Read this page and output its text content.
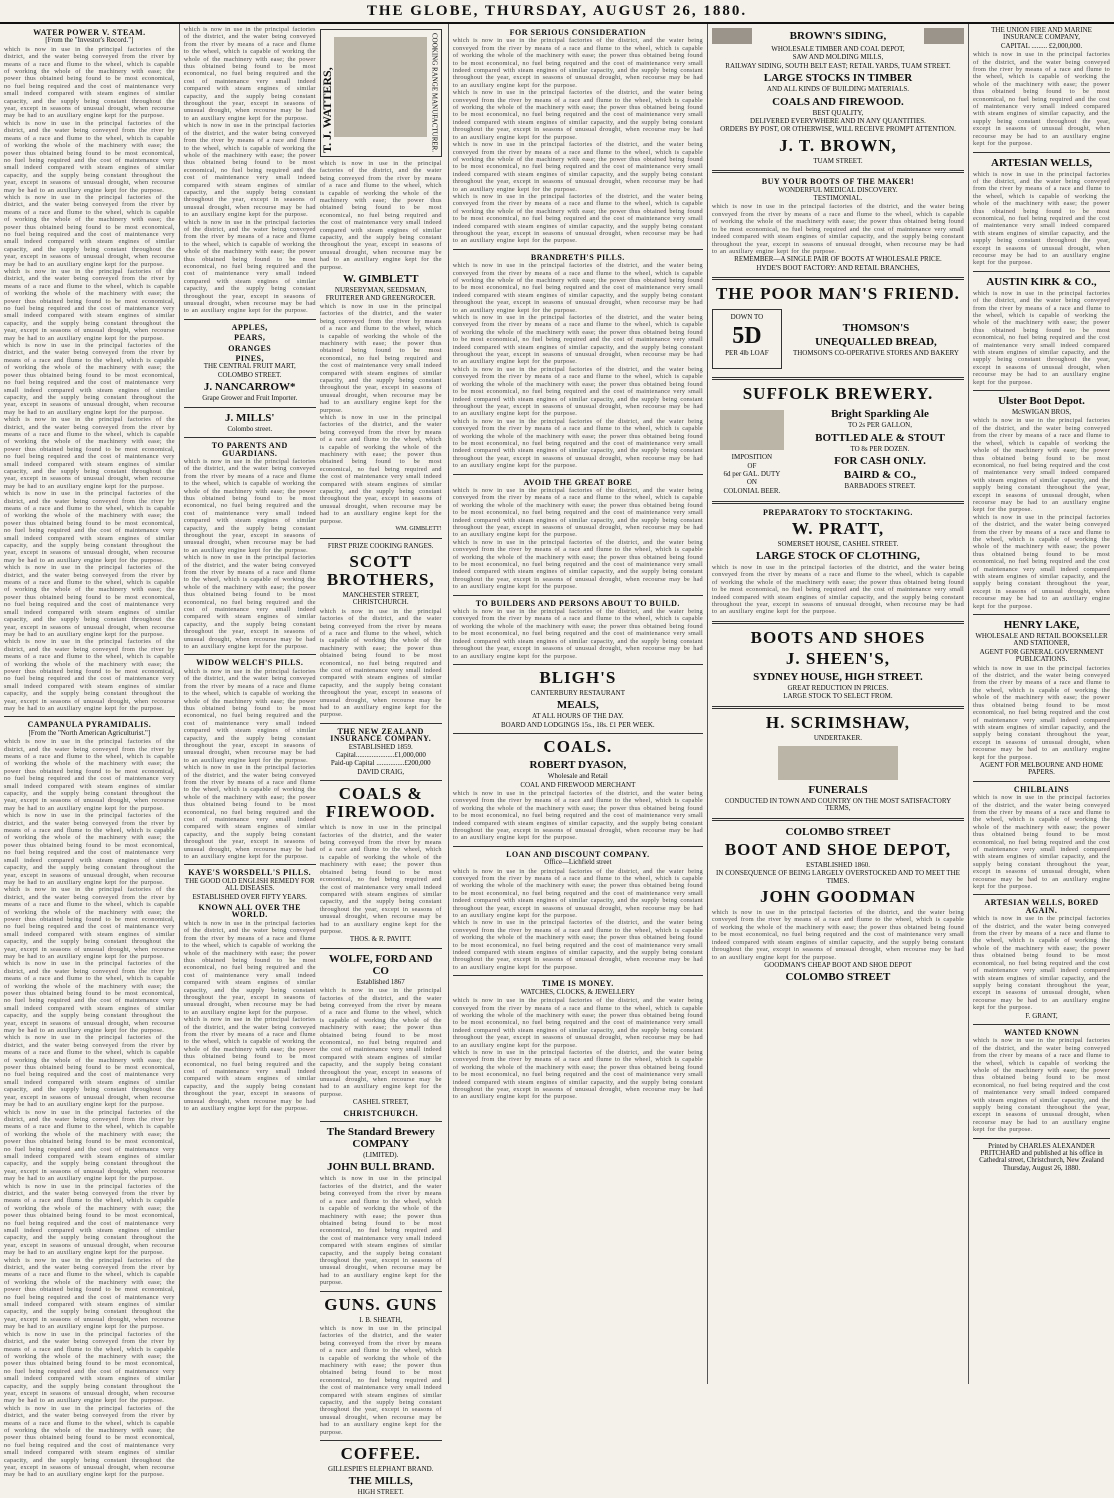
THE GLOBE, THURSDAY, AUGUST 26, 1880.
WATER POWER V. STEAM.
[From the "Investor's Record."]
which is now in use in the principal factories of the district, and the water being conveyed from the river by means of a race and flume to the wheel, which is capable of working the whole of the machinery with ease; the power thus obtained being found to be most economical, no fuel being required and the cost of maintenance very small indeed compared with steam engines of similar capacity, and the supply being constant throughout the year, except in seasons of unusual drought, when recourse may be had to an auxiliary engine kept for the purpose.
which is now in use in the principal factories of the district, and the water being conveyed from the river by means of a race and flume to the wheel, which is capable of working the whole of the machinery with ease; the power thus obtained being found to be most economical, no fuel being required and the cost of maintenance very small indeed compared with steam engines of similar capacity, and the supply being constant throughout the year, except in seasons of unusual drought, when recourse may be had to an auxiliary engine kept for the purpose.
which is now in use in the principal factories of the district, and the water being conveyed from the river by means of a race and flume to the wheel, which is capable of working the whole of the machinery with ease; the power thus obtained being found to be most economical, no fuel being required and the cost of maintenance very small indeed compared with steam engines of similar capacity, and the supply being constant throughout the year, except in seasons of unusual drought, when recourse may be had to an auxiliary engine kept for the purpose.
which is now in use in the principal factories of the district, and the water being conveyed from the river by means of a race and flume to the wheel, which is capable of working the whole of the machinery with ease; the power thus obtained being found to be most economical, no fuel being required and the cost of maintenance very small indeed compared with steam engines of similar capacity, and the supply being constant throughout the year, except in seasons of unusual drought, when recourse may be had to an auxiliary engine kept for the purpose.
which is now in use in the principal factories of the district, and the water being conveyed from the river by means of a race and flume to the wheel, which is capable of working the whole of the machinery with ease; the power thus obtained being found to be most economical, no fuel being required and the cost of maintenance very small indeed compared with steam engines of similar capacity, and the supply being constant throughout the year, except in seasons of unusual drought, when recourse may be had to an auxiliary engine kept for the purpose.
which is now in use in the principal factories of the district, and the water being conveyed from the river by means of a race and flume to the wheel, which is capable of working the whole of the machinery with ease; the power thus obtained being found to be most economical, no fuel being required and the cost of maintenance very small indeed compared with steam engines of similar capacity, and the supply being constant throughout the year, except in seasons of unusual drought, when recourse may be had to an auxiliary engine kept for the purpose.
which is now in use in the principal factories of the district, and the water being conveyed from the river by means of a race and flume to the wheel, which is capable of working the whole of the machinery with ease; the power thus obtained being found to be most economical, no fuel being required and the cost of maintenance very small indeed compared with steam engines of similar capacity, and the supply being constant throughout the year, except in seasons of unusual drought, when recourse may be had to an auxiliary engine kept for the purpose.
which is now in use in the principal factories of the district, and the water being conveyed from the river by means of a race and flume to the wheel, which is capable of working the whole of the machinery with ease; the power thus obtained being found to be most economical, no fuel being required and the cost of maintenance very small indeed compared with steam engines of similar capacity, and the supply being constant throughout the year, except in seasons of unusual drought, when recourse may be had to an auxiliary engine kept for the purpose.
which is now in use in the principal factories of the district, and the water being conveyed from the river by means of a race and flume to the wheel, which is capable of working the whole of the machinery with ease; the power thus obtained being found to be most economical, no fuel being required and the cost of maintenance very small indeed compared with steam engines of similar capacity, and the supply being constant throughout the year, except in seasons of unusual drought, when recourse may be had to an auxiliary engine kept for the purpose.
CAMPANULA PYRAMIDALIS.
[From the "North American Agriculturist."]
which is now in use in the principal factories of the district, and the water being conveyed from the river by means of a race and flume to the wheel, which is capable of working the whole of the machinery with ease; the power thus obtained being found to be most economical, no fuel being required and the cost of maintenance very small indeed compared with steam engines of similar capacity, and the supply being constant throughout the year, except in seasons of unusual drought, when recourse may be had to an auxiliary engine kept for the purpose.
which is now in use in the principal factories of the district, and the water being conveyed from the river by means of a race and flume to the wheel, which is capable of working the whole of the machinery with ease; the power thus obtained being found to be most economical, no fuel being required and the cost of maintenance very small indeed compared with steam engines of similar capacity, and the supply being constant throughout the year, except in seasons of unusual drought, when recourse may be had to an auxiliary engine kept for the purpose.
which is now in use in the principal factories of the district, and the water being conveyed from the river by means of a race and flume to the wheel, which is capable of working the whole of the machinery with ease; the power thus obtained being found to be most economical, no fuel being required and the cost of maintenance very small indeed compared with steam engines of similar capacity, and the supply being constant throughout the year, except in seasons of unusual drought, when recourse may be had to an auxiliary engine kept for the purpose.
which is now in use in the principal factories of the district, and the water being conveyed from the river by means of a race and flume to the wheel, which is capable of working the whole of the machinery with ease; the power thus obtained being found to be most economical, no fuel being required and the cost of maintenance very small indeed compared with steam engines of similar capacity, and the supply being constant throughout the year, except in seasons of unusual drought, when recourse may be had to an auxiliary engine kept for the purpose.
which is now in use in the principal factories of the district, and the water being conveyed from the river by means of a race and flume to the wheel, which is capable of working the whole of the machinery with ease; the power thus obtained being found to be most economical, no fuel being required and the cost of maintenance very small indeed compared with steam engines of similar capacity, and the supply being constant throughout the year, except in seasons of unusual drought, when recourse may be had to an auxiliary engine kept for the purpose.
which is now in use in the principal factories of the district, and the water being conveyed from the river by means of a race and flume to the wheel, which is capable of working the whole of the machinery with ease; the power thus obtained being found to be most economical, no fuel being required and the cost of maintenance very small indeed compared with steam engines of similar capacity, and the supply being constant throughout the year, except in seasons of unusual drought, when recourse may be had to an auxiliary engine kept for the purpose.
which is now in use in the principal factories of the district, and the water being conveyed from the river by means of a race and flume to the wheel, which is capable of working the whole of the machinery with ease; the power thus obtained being found to be most economical, no fuel being required and the cost of maintenance very small indeed compared with steam engines of similar capacity, and the supply being constant throughout the year, except in seasons of unusual drought, when recourse may be had to an auxiliary engine kept for the purpose.
which is now in use in the principal factories of the district, and the water being conveyed from the river by means of a race and flume to the wheel, which is capable of working the whole of the machinery with ease; the power thus obtained being found to be most economical, no fuel being required and the cost of maintenance very small indeed compared with steam engines of similar capacity, and the supply being constant throughout the year, except in seasons of unusual drought, when recourse may be had to an auxiliary engine kept for the purpose.
which is now in use in the principal factories of the district, and the water being conveyed from the river by means of a race and flume to the wheel, which is capable of working the whole of the machinery with ease; the power thus obtained being found to be most economical, no fuel being required and the cost of maintenance very small indeed compared with steam engines of similar capacity, and the supply being constant throughout the year, except in seasons of unusual drought, when recourse may be had to an auxiliary engine kept for the purpose.
which is now in use in the principal factories of the district, and the water being conveyed from the river by means of a race and flume to the wheel, which is capable of working the whole of the machinery with ease; the power thus obtained being found to be most economical, no fuel being required and the cost of maintenance very small indeed compared with steam engines of similar capacity, and the supply being constant throughout the year, except in seasons of unusual drought, when recourse may be had to an auxiliary engine kept for the purpose.
which is now in use in the principal factories of the district, and the water being conveyed from the river by means of a race and flume to the wheel, which is capable of working the whole of the machinery with ease; the power thus obtained being found to be most economical, no fuel being required and the cost of maintenance very small indeed compared with steam engines of similar capacity, and the supply being constant throughout the year, except in seasons of unusual drought, when recourse may be had to an auxiliary engine kept for the purpose.
which is now in use in the principal factories of the district, and the water being conveyed from the river by means of a race and flume to the wheel, which is capable of working the whole of the machinery with ease; the power thus obtained being found to be most economical, no fuel being required and the cost of maintenance very small indeed compared with steam engines of similar capacity, and the supply being constant throughout the year, except in seasons of unusual drought, when recourse may be had to an auxiliary engine kept for the purpose.
which is now in use in the principal factories of the district, and the water being conveyed from the river by means of a race and flume to the wheel, which is capable of working the whole of the machinery with ease; the power thus obtained being found to be most economical, no fuel being required and the cost of maintenance very small indeed compared with steam engines of similar capacity, and the supply being constant throughout the year, except in seasons of unusual drought, when recourse may be had to an auxiliary engine kept for the purpose.
APPLES,
PEARS,
ORANGES
PINES,
THE CENTRAL FRUIT MART,
COLOMBO STREET.
J. NANCARROW*
Grape Grower and Fruit Importer.
J. MILLS'
Colombo street.
TO PARENTS AND GUARDIANS.
which is now in use in the principal factories of the district, and the water being conveyed from the river by means of a race and flume to the wheel, which is capable of working the whole of the machinery with ease; the power thus obtained being found to be most economical, no fuel being required and the cost of maintenance very small indeed compared with steam engines of similar capacity, and the supply being constant throughout the year, except in seasons of unusual drought, when recourse may be had to an auxiliary engine kept for the purpose.
which is now in use in the principal factories of the district, and the water being conveyed from the river by means of a race and flume to the wheel, which is capable of working the whole of the machinery with ease; the power thus obtained being found to be most economical, no fuel being required and the cost of maintenance very small indeed compared with steam engines of similar capacity, and the supply being constant throughout the year, except in seasons of unusual drought, when recourse may be had to an auxiliary engine kept for the purpose.
WIDOW WELCH'S PILLS.
which is now in use in the principal factories of the district, and the water being conveyed from the river by means of a race and flume to the wheel, which is capable of working the whole of the machinery with ease; the power thus obtained being found to be most economical, no fuel being required and the cost of maintenance very small indeed compared with steam engines of similar capacity, and the supply being constant throughout the year, except in seasons of unusual drought, when recourse may be had to an auxiliary engine kept for the purpose.
which is now in use in the principal factories of the district, and the water being conveyed from the river by means of a race and flume to the wheel, which is capable of working the whole of the machinery with ease; the power thus obtained being found to be most economical, no fuel being required and the cost of maintenance very small indeed compared with steam engines of similar capacity, and the supply being constant throughout the year, except in seasons of unusual drought, when recourse may be had to an auxiliary engine kept for the purpose.
KAYE'S WORSDELL'S PILLS.
THE GOOD OLD ENGLISH REMEDY FOR ALL DISEASES.
ESTABLISHED OVER FIFTY YEARS.
KNOWN ALL OVER THE WORLD.
which is now in use in the principal factories of the district, and the water being conveyed from the river by means of a race and flume to the wheel, which is capable of working the whole of the machinery with ease; the power thus obtained being found to be most economical, no fuel being required and the cost of maintenance very small indeed compared with steam engines of similar capacity, and the supply being constant throughout the year, except in seasons of unusual drought, when recourse may be had to an auxiliary engine kept for the purpose.
which is now in use in the principal factories of the district, and the water being conveyed from the river by means of a race and flume to the wheel, which is capable of working the whole of the machinery with ease; the power thus obtained being found to be most economical, no fuel being required and the cost of maintenance very small indeed compared with steam engines of similar capacity, and the supply being constant throughout the year, except in seasons of unusual drought, when recourse may be had to an auxiliary engine kept for the purpose.
T. J. WATTERS,	COOKING RANGE MANUFACTURER.
which is now in use in the principal factories of the district, and the water being conveyed from the river by means of a race and flume to the wheel, which is capable of working the whole of the machinery with ease; the power thus obtained being found to be most economical, no fuel being required and the cost of maintenance very small indeed compared with steam engines of similar capacity, and the supply being constant throughout the year, except in seasons of unusual drought, when recourse may be had to an auxiliary engine kept for the purpose.
W. GIMBLETT
NURSERYMAN, SEEDSMAN, FRUITERER AND GREENGROCER.
which is now in use in the principal factories of the district, and the water being conveyed from the river by means of a race and flume to the wheel, which is capable of working the whole of the machinery with ease; the power thus obtained being found to be most economical, no fuel being required and the cost of maintenance very small indeed compared with steam engines of similar capacity, and the supply being constant throughout the year, except in seasons of unusual drought, when recourse may be had to an auxiliary engine kept for the purpose.
which is now in use in the principal factories of the district, and the water being conveyed from the river by means of a race and flume to the wheel, which is capable of working the whole of the machinery with ease; the power thus obtained being found to be most economical, no fuel being required and the cost of maintenance very small indeed compared with steam engines of similar capacity, and the supply being constant throughout the year, except in seasons of unusual drought, when recourse may be had to an auxiliary engine kept for the purpose.
WM. GIMBLETT!
FIRST PRIZE COOKING RANGES.
SCOTT BROTHERS,
MANCHESTER STREET, CHRISTCHURCH.
which is now in use in the principal factories of the district, and the water being conveyed from the river by means of a race and flume to the wheel, which is capable of working the whole of the machinery with ease; the power thus obtained being found to be most economical, no fuel being required and the cost of maintenance very small indeed compared with steam engines of similar capacity, and the supply being constant throughout the year, except in seasons of unusual drought, when recourse may be had to an auxiliary engine kept for the purpose.
THE NEW ZEALAND INSURANCE COMPANY.
ESTABLISHED 1859.
Capital......................£1,000,000
Paid-up Capital ................£200,000
DAVID CRAIG,
COALS & FIREWOOD.
which is now in use in the principal factories of the district, and the water being conveyed from the river by means of a race and flume to the wheel, which is capable of working the whole of the machinery with ease; the power thus obtained being found to be most economical, no fuel being required and the cost of maintenance very small indeed compared with steam engines of similar capacity, and the supply being constant throughout the year, except in seasons of unusual drought, when recourse may be had to an auxiliary engine kept for the purpose.
THOS. & R. PAVITT.
WOLFE, FORD AND CO
Established 1867
which is now in use in the principal factories of the district, and the water being conveyed from the river by means of a race and flume to the wheel, which is capable of working the whole of the machinery with ease; the power thus obtained being found to be most economical, no fuel being required and the cost of maintenance very small indeed compared with steam engines of similar capacity, and the supply being constant throughout the year, except in seasons of unusual drought, when recourse may be had to an auxiliary engine kept for the purpose.
CASHEL STREET,
CHRISTCHURCH.
The Standard Brewery COMPANY
(LIMITED).
JOHN BULL BRAND.
which is now in use in the principal factories of the district, and the water being conveyed from the river by means of a race and flume to the wheel, which is capable of working the whole of the machinery with ease; the power thus obtained being found to be most economical, no fuel being required and the cost of maintenance very small indeed compared with steam engines of similar capacity, and the supply being constant throughout the year, except in seasons of unusual drought, when recourse may be had to an auxiliary engine kept for the purpose.
GUNS. GUNS
I. B. SHEATH,
which is now in use in the principal factories of the district, and the water being conveyed from the river by means of a race and flume to the wheel, which is capable of working the whole of the machinery with ease; the power thus obtained being found to be most economical, no fuel being required and the cost of maintenance very small indeed compared with steam engines of similar capacity, and the supply being constant throughout the year, except in seasons of unusual drought, when recourse may be had to an auxiliary engine kept for the purpose.
COFFEE.
GILLESPIE'S ELEPHANT BRAND.
THE MILLS,
HIGH STREET.
FOR SERIOUS CONSIDERATION
which is now in use in the principal factories of the district, and the water being conveyed from the river by means of a race and flume to the wheel, which is capable of working the whole of the machinery with ease; the power thus obtained being found to be most economical, no fuel being required and the cost of maintenance very small indeed compared with steam engines of similar capacity, and the supply being constant throughout the year, except in seasons of unusual drought, when recourse may be had to an auxiliary engine kept for the purpose.
which is now in use in the principal factories of the district, and the water being conveyed from the river by means of a race and flume to the wheel, which is capable of working the whole of the machinery with ease; the power thus obtained being found to be most economical, no fuel being required and the cost of maintenance very small indeed compared with steam engines of similar capacity, and the supply being constant throughout the year, except in seasons of unusual drought, when recourse may be had to an auxiliary engine kept for the purpose.
which is now in use in the principal factories of the district, and the water being conveyed from the river by means of a race and flume to the wheel, which is capable of working the whole of the machinery with ease; the power thus obtained being found to be most economical, no fuel being required and the cost of maintenance very small indeed compared with steam engines of similar capacity, and the supply being constant throughout the year, except in seasons of unusual drought, when recourse may be had to an auxiliary engine kept for the purpose.
which is now in use in the principal factories of the district, and the water being conveyed from the river by means of a race and flume to the wheel, which is capable of working the whole of the machinery with ease; the power thus obtained being found to be most economical, no fuel being required and the cost of maintenance very small indeed compared with steam engines of similar capacity, and the supply being constant throughout the year, except in seasons of unusual drought, when recourse may be had to an auxiliary engine kept for the purpose.
BRANDRETH'S PILLS.
which is now in use in the principal factories of the district, and the water being conveyed from the river by means of a race and flume to the wheel, which is capable of working the whole of the machinery with ease; the power thus obtained being found to be most economical, no fuel being required and the cost of maintenance very small indeed compared with steam engines of similar capacity, and the supply being constant throughout the year, except in seasons of unusual drought, when recourse may be had to an auxiliary engine kept for the purpose.
which is now in use in the principal factories of the district, and the water being conveyed from the river by means of a race and flume to the wheel, which is capable of working the whole of the machinery with ease; the power thus obtained being found to be most economical, no fuel being required and the cost of maintenance very small indeed compared with steam engines of similar capacity, and the supply being constant throughout the year, except in seasons of unusual drought, when recourse may be had to an auxiliary engine kept for the purpose.
which is now in use in the principal factories of the district, and the water being conveyed from the river by means of a race and flume to the wheel, which is capable of working the whole of the machinery with ease; the power thus obtained being found to be most economical, no fuel being required and the cost of maintenance very small indeed compared with steam engines of similar capacity, and the supply being constant throughout the year, except in seasons of unusual drought, when recourse may be had to an auxiliary engine kept for the purpose.
which is now in use in the principal factories of the district, and the water being conveyed from the river by means of a race and flume to the wheel, which is capable of working the whole of the machinery with ease; the power thus obtained being found to be most economical, no fuel being required and the cost of maintenance very small indeed compared with steam engines of similar capacity, and the supply being constant throughout the year, except in seasons of unusual drought, when recourse may be had to an auxiliary engine kept for the purpose.
AVOID THE GREAT BORE
which is now in use in the principal factories of the district, and the water being conveyed from the river by means of a race and flume to the wheel, which is capable of working the whole of the machinery with ease; the power thus obtained being found to be most economical, no fuel being required and the cost of maintenance very small indeed compared with steam engines of similar capacity, and the supply being constant throughout the year, except in seasons of unusual drought, when recourse may be had to an auxiliary engine kept for the purpose.
which is now in use in the principal factories of the district, and the water being conveyed from the river by means of a race and flume to the wheel, which is capable of working the whole of the machinery with ease; the power thus obtained being found to be most economical, no fuel being required and the cost of maintenance very small indeed compared with steam engines of similar capacity, and the supply being constant throughout the year, except in seasons of unusual drought, when recourse may be had to an auxiliary engine kept for the purpose.
TO BUILDERS AND PERSONS ABOUT TO BUILD.
which is now in use in the principal factories of the district, and the water being conveyed from the river by means of a race and flume to the wheel, which is capable of working the whole of the machinery with ease; the power thus obtained being found to be most economical, no fuel being required and the cost of maintenance very small indeed compared with steam engines of similar capacity, and the supply being constant throughout the year, except in seasons of unusual drought, when recourse may be had to an auxiliary engine kept for the purpose.
BLIGH'S
CANTERBURY RESTAURANT
MEALS,
AT ALL HOURS OF THE DAY.
BOARD AND LODGINGS 15s., 18s. £1 PER WEEK.
COALS.
ROBERT DYASON,
Wholesale and Retail
COAL AND FIREWOOD MERCHANT
which is now in use in the principal factories of the district, and the water being conveyed from the river by means of a race and flume to the wheel, which is capable of working the whole of the machinery with ease; the power thus obtained being found to be most economical, no fuel being required and the cost of maintenance very small indeed compared with steam engines of similar capacity, and the supply being constant throughout the year, except in seasons of unusual drought, when recourse may be had to an auxiliary engine kept for the purpose.
LOAN AND DISCOUNT COMPANY.
Office—Lichfield street
which is now in use in the principal factories of the district, and the water being conveyed from the river by means of a race and flume to the wheel, which is capable of working the whole of the machinery with ease; the power thus obtained being found to be most economical, no fuel being required and the cost of maintenance very small indeed compared with steam engines of similar capacity, and the supply being constant throughout the year, except in seasons of unusual drought, when recourse may be had to an auxiliary engine kept for the purpose.
which is now in use in the principal factories of the district, and the water being conveyed from the river by means of a race and flume to the wheel, which is capable of working the whole of the machinery with ease; the power thus obtained being found to be most economical, no fuel being required and the cost of maintenance very small indeed compared with steam engines of similar capacity, and the supply being constant throughout the year, except in seasons of unusual drought, when recourse may be had to an auxiliary engine kept for the purpose.
TIME IS MONEY.
WATCHES, CLOCKS, & JEWELLERY
which is now in use in the principal factories of the district, and the water being conveyed from the river by means of a race and flume to the wheel, which is capable of working the whole of the machinery with ease; the power thus obtained being found to be most economical, no fuel being required and the cost of maintenance very small indeed compared with steam engines of similar capacity, and the supply being constant throughout the year, except in seasons of unusual drought, when recourse may be had to an auxiliary engine kept for the purpose.
which is now in use in the principal factories of the district, and the water being conveyed from the river by means of a race and flume to the wheel, which is capable of working the whole of the machinery with ease; the power thus obtained being found to be most economical, no fuel being required and the cost of maintenance very small indeed compared with steam engines of similar capacity, and the supply being constant throughout the year, except in seasons of unusual drought, when recourse may be had to an auxiliary engine kept for the purpose.
BROWN'S SIDING,
WHOLESALE TIMBER AND COAL DEPOT,
SAW AND MOLDING MILLS,
RAILWAY SIDING, SOUTH BELT EAST; RETAIL YARDS, TUAM STREET.
LARGE STOCKS IN TIMBER
AND ALL KINDS OF BUILDING MATERIALS.
COALS AND FIREWOOD.
BEST QUALITY,
DELIVERED EVERYWHERE AND IN ANY QUANTITIES.
ORDERS BY POST, OR OTHERWISE, WILL RECEIVE PROMPT ATTENTION.
J. T. BROWN,
TUAM STREET.
BUY YOUR BOOTS OF THE MAKER!
WONDERFUL MEDICAL DISCOVERY.
TESTIMONIAL.
which is now in use in the principal factories of the district, and the water being conveyed from the river by means of a race and flume to the wheel, which is capable of working the whole of the machinery with ease; the power thus obtained being found to be most economical, no fuel being required and the cost of maintenance very small indeed compared with steam engines of similar capacity, and the supply being constant throughout the year, except in seasons of unusual drought, when recourse may be had to an auxiliary engine kept for the purpose.
REMEMBER—A SINGLE PAIR OF BOOTS AT WHOLESALE PRICE.
HYDE'S BOOT FACTORY: AND RETAIL BRANCHES,
THE POOR MAN'S FRIEND.
DOWN TO
5D
PER 4lb LOAF
THOMSON'S
UNEQUALLED BREAD,
THOMSON'S CO-OPERATIVE STORES AND BAKERY
SUFFOLK BREWERY.
IMPOSITION
OF
6d per GAL. DUTY
ON
COLONIAL BEER.
Bright Sparkling Ale
TO 2s PER GALLON,
BOTTLED ALE & STOUT
TO 8s PER DOZEN.
FOR CASH ONLY.
BAIRD & CO.,
BARBADOES STREET.
PREPARATORY TO STOCKTAKING.
W. PRATT,
SOMERSET HOUSE, CASHEL STREET.
LARGE STOCK OF CLOTHING,
which is now in use in the principal factories of the district, and the water being conveyed from the river by means of a race and flume to the wheel, which is capable of working the whole of the machinery with ease; the power thus obtained being found to be most economical, no fuel being required and the cost of maintenance very small indeed compared with steam engines of similar capacity, and the supply being constant throughout the year, except in seasons of unusual drought, when recourse may be had to an auxiliary engine kept for the purpose.
BOOTS AND SHOES
J. SHEEN'S,
SYDNEY HOUSE, HIGH STREET.
GREAT REDUCTION IN PRICES.
LARGE STOCK TO SELECT FROM.
H. SCRIMSHAW,
UNDERTAKER.
FUNERALS
CONDUCTED IN TOWN AND COUNTRY ON THE MOST SATISFACTORY TERMS,
COLOMBO STREET
BOOT AND SHOE DEPOT,
ESTABLISHED 1860.
IN CONSEQUENCE OF BEING LARGELY OVERSTOCKED AND TO MEET THE TIMES.
JOHN GOODMAN
which is now in use in the principal factories of the district, and the water being conveyed from the river by means of a race and flume to the wheel, which is capable of working the whole of the machinery with ease; the power thus obtained being found to be most economical, no fuel being required and the cost of maintenance very small indeed compared with steam engines of similar capacity, and the supply being constant throughout the year, except in seasons of unusual drought, when recourse may be had to an auxiliary engine kept for the purpose.
GOODMAN'S CHEAP BOOT AND SHOE DEPOT
COLOMBO STREET
THE UNION FIRE AND MARINE INSURANCE COMPANY,
CAPITAL ......... £2,000,000.
which is now in use in the principal factories of the district, and the water being conveyed from the river by means of a race and flume to the wheel, which is capable of working the whole of the machinery with ease; the power thus obtained being found to be most economical, no fuel being required and the cost of maintenance very small indeed compared with steam engines of similar capacity, and the supply being constant throughout the year, except in seasons of unusual drought, when recourse may be had to an auxiliary engine kept for the purpose.
ARTESIAN WELLS,
which is now in use in the principal factories of the district, and the water being conveyed from the river by means of a race and flume to the wheel, which is capable of working the whole of the machinery with ease; the power thus obtained being found to be most economical, no fuel being required and the cost of maintenance very small indeed compared with steam engines of similar capacity, and the supply being constant throughout the year, except in seasons of unusual drought, when recourse may be had to an auxiliary engine kept for the purpose.
AUSTIN KIRK & CO.,
which is now in use in the principal factories of the district, and the water being conveyed from the river by means of a race and flume to the wheel, which is capable of working the whole of the machinery with ease; the power thus obtained being found to be most economical, no fuel being required and the cost of maintenance very small indeed compared with steam engines of similar capacity, and the supply being constant throughout the year, except in seasons of unusual drought, when recourse may be had to an auxiliary engine kept for the purpose.
Ulster Boot Depot.
McSWIGAN BROS,
which is now in use in the principal factories of the district, and the water being conveyed from the river by means of a race and flume to the wheel, which is capable of working the whole of the machinery with ease; the power thus obtained being found to be most economical, no fuel being required and the cost of maintenance very small indeed compared with steam engines of similar capacity, and the supply being constant throughout the year, except in seasons of unusual drought, when recourse may be had to an auxiliary engine kept for the purpose.
which is now in use in the principal factories of the district, and the water being conveyed from the river by means of a race and flume to the wheel, which is capable of working the whole of the machinery with ease; the power thus obtained being found to be most economical, no fuel being required and the cost of maintenance very small indeed compared with steam engines of similar capacity, and the supply being constant throughout the year, except in seasons of unusual drought, when recourse may be had to an auxiliary engine kept for the purpose.
HENRY LAKE,
WHOLESALE AND RETAIL BOOKSELLER AND STATIONER,
AGENT FOR GENERAL GOVERNMENT PUBLICATIONS.
which is now in use in the principal factories of the district, and the water being conveyed from the river by means of a race and flume to the wheel, which is capable of working the whole of the machinery with ease; the power thus obtained being found to be most economical, no fuel being required and the cost of maintenance very small indeed compared with steam engines of similar capacity, and the supply being constant throughout the year, except in seasons of unusual drought, when recourse may be had to an auxiliary engine kept for the purpose.
AGENT FOR MELBOURNE AND HOME PAPERS.
CHILBLAINS
which is now in use in the principal factories of the district, and the water being conveyed from the river by means of a race and flume to the wheel, which is capable of working the whole of the machinery with ease; the power thus obtained being found to be most economical, no fuel being required and the cost of maintenance very small indeed compared with steam engines of similar capacity, and the supply being constant throughout the year, except in seasons of unusual drought, when recourse may be had to an auxiliary engine kept for the purpose.
ARTESIAN WELLS, BORED AGAIN.
which is now in use in the principal factories of the district, and the water being conveyed from the river by means of a race and flume to the wheel, which is capable of working the whole of the machinery with ease; the power thus obtained being found to be most economical, no fuel being required and the cost of maintenance very small indeed compared with steam engines of similar capacity, and the supply being constant throughout the year, except in seasons of unusual drought, when recourse may be had to an auxiliary engine kept for the purpose.
F. GRANT,
WANTED KNOWN
which is now in use in the principal factories of the district, and the water being conveyed from the river by means of a race and flume to the wheel, which is capable of working the whole of the machinery with ease; the power thus obtained being found to be most economical, no fuel being required and the cost of maintenance very small indeed compared with steam engines of similar capacity, and the supply being constant throughout the year, except in seasons of unusual drought, when recourse may be had to an auxiliary engine kept for the purpose.
Printed by CHARLES ALEXANDER PRITCHARD and published at his office in Cathedral street, Christchurch, New Zealand Thursday, August 26, 1880.
